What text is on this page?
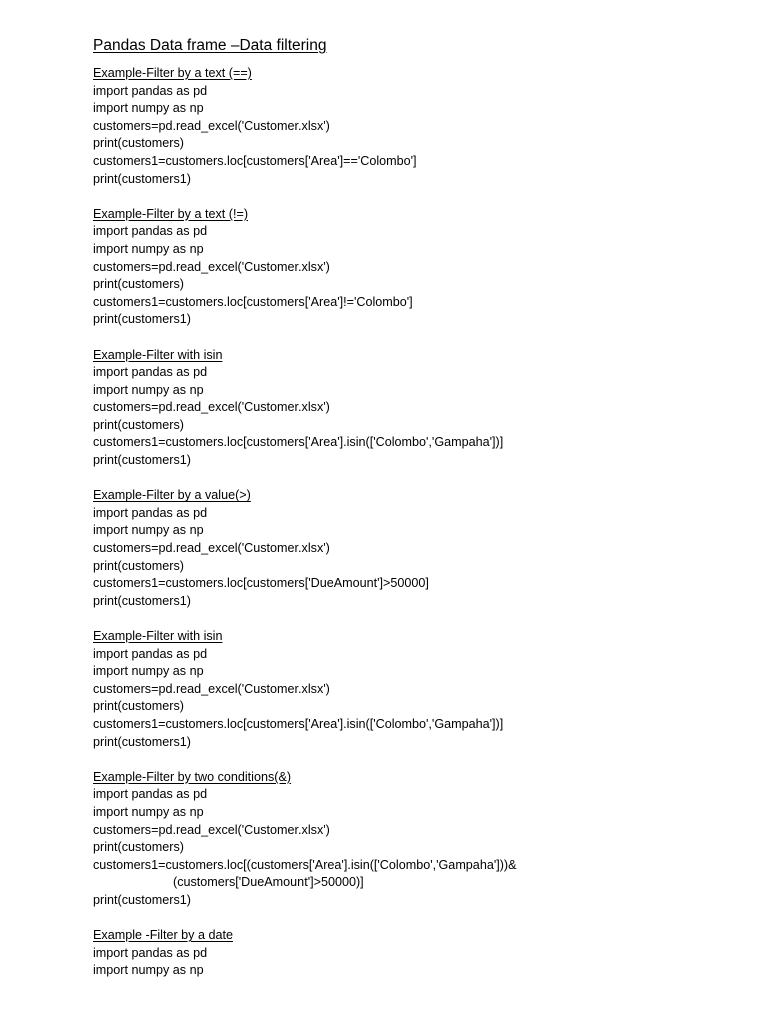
Pandas Data frame –Data filtering
Example-Filter by a text (==)
import pandas as pd
import numpy as np
customers=pd.read_excel('Customer.xlsx')
print(customers)
customers1=customers.loc[customers['Area']=='Colombo']
print(customers1)
Example-Filter by a text (!=)
import pandas as pd
import numpy as np
customers=pd.read_excel('Customer.xlsx')
print(customers)
customers1=customers.loc[customers['Area']!='Colombo']
print(customers1)
Example-Filter with isin
import pandas as pd
import numpy as np
customers=pd.read_excel('Customer.xlsx')
print(customers)
customers1=customers.loc[customers['Area'].isin(['Colombo','Gampaha'])]
print(customers1)
Example-Filter by a value(>)
import pandas as pd
import numpy as np
customers=pd.read_excel('Customer.xlsx')
print(customers)
customers1=customers.loc[customers['DueAmount']>50000]
print(customers1)
Example-Filter with isin
import pandas as pd
import numpy as np
customers=pd.read_excel('Customer.xlsx')
print(customers)
customers1=customers.loc[customers['Area'].isin(['Colombo','Gampaha'])]
print(customers1)
Example-Filter by two conditions(&)
import pandas as pd
import numpy as np
customers=pd.read_excel('Customer.xlsx')
print(customers)
customers1=customers.loc[(customers['Area'].isin(['Colombo','Gampaha']))&
(customers['DueAmount']>50000)]
print(customers1)
Example -Filter by a date
import pandas as pd
import numpy as np
